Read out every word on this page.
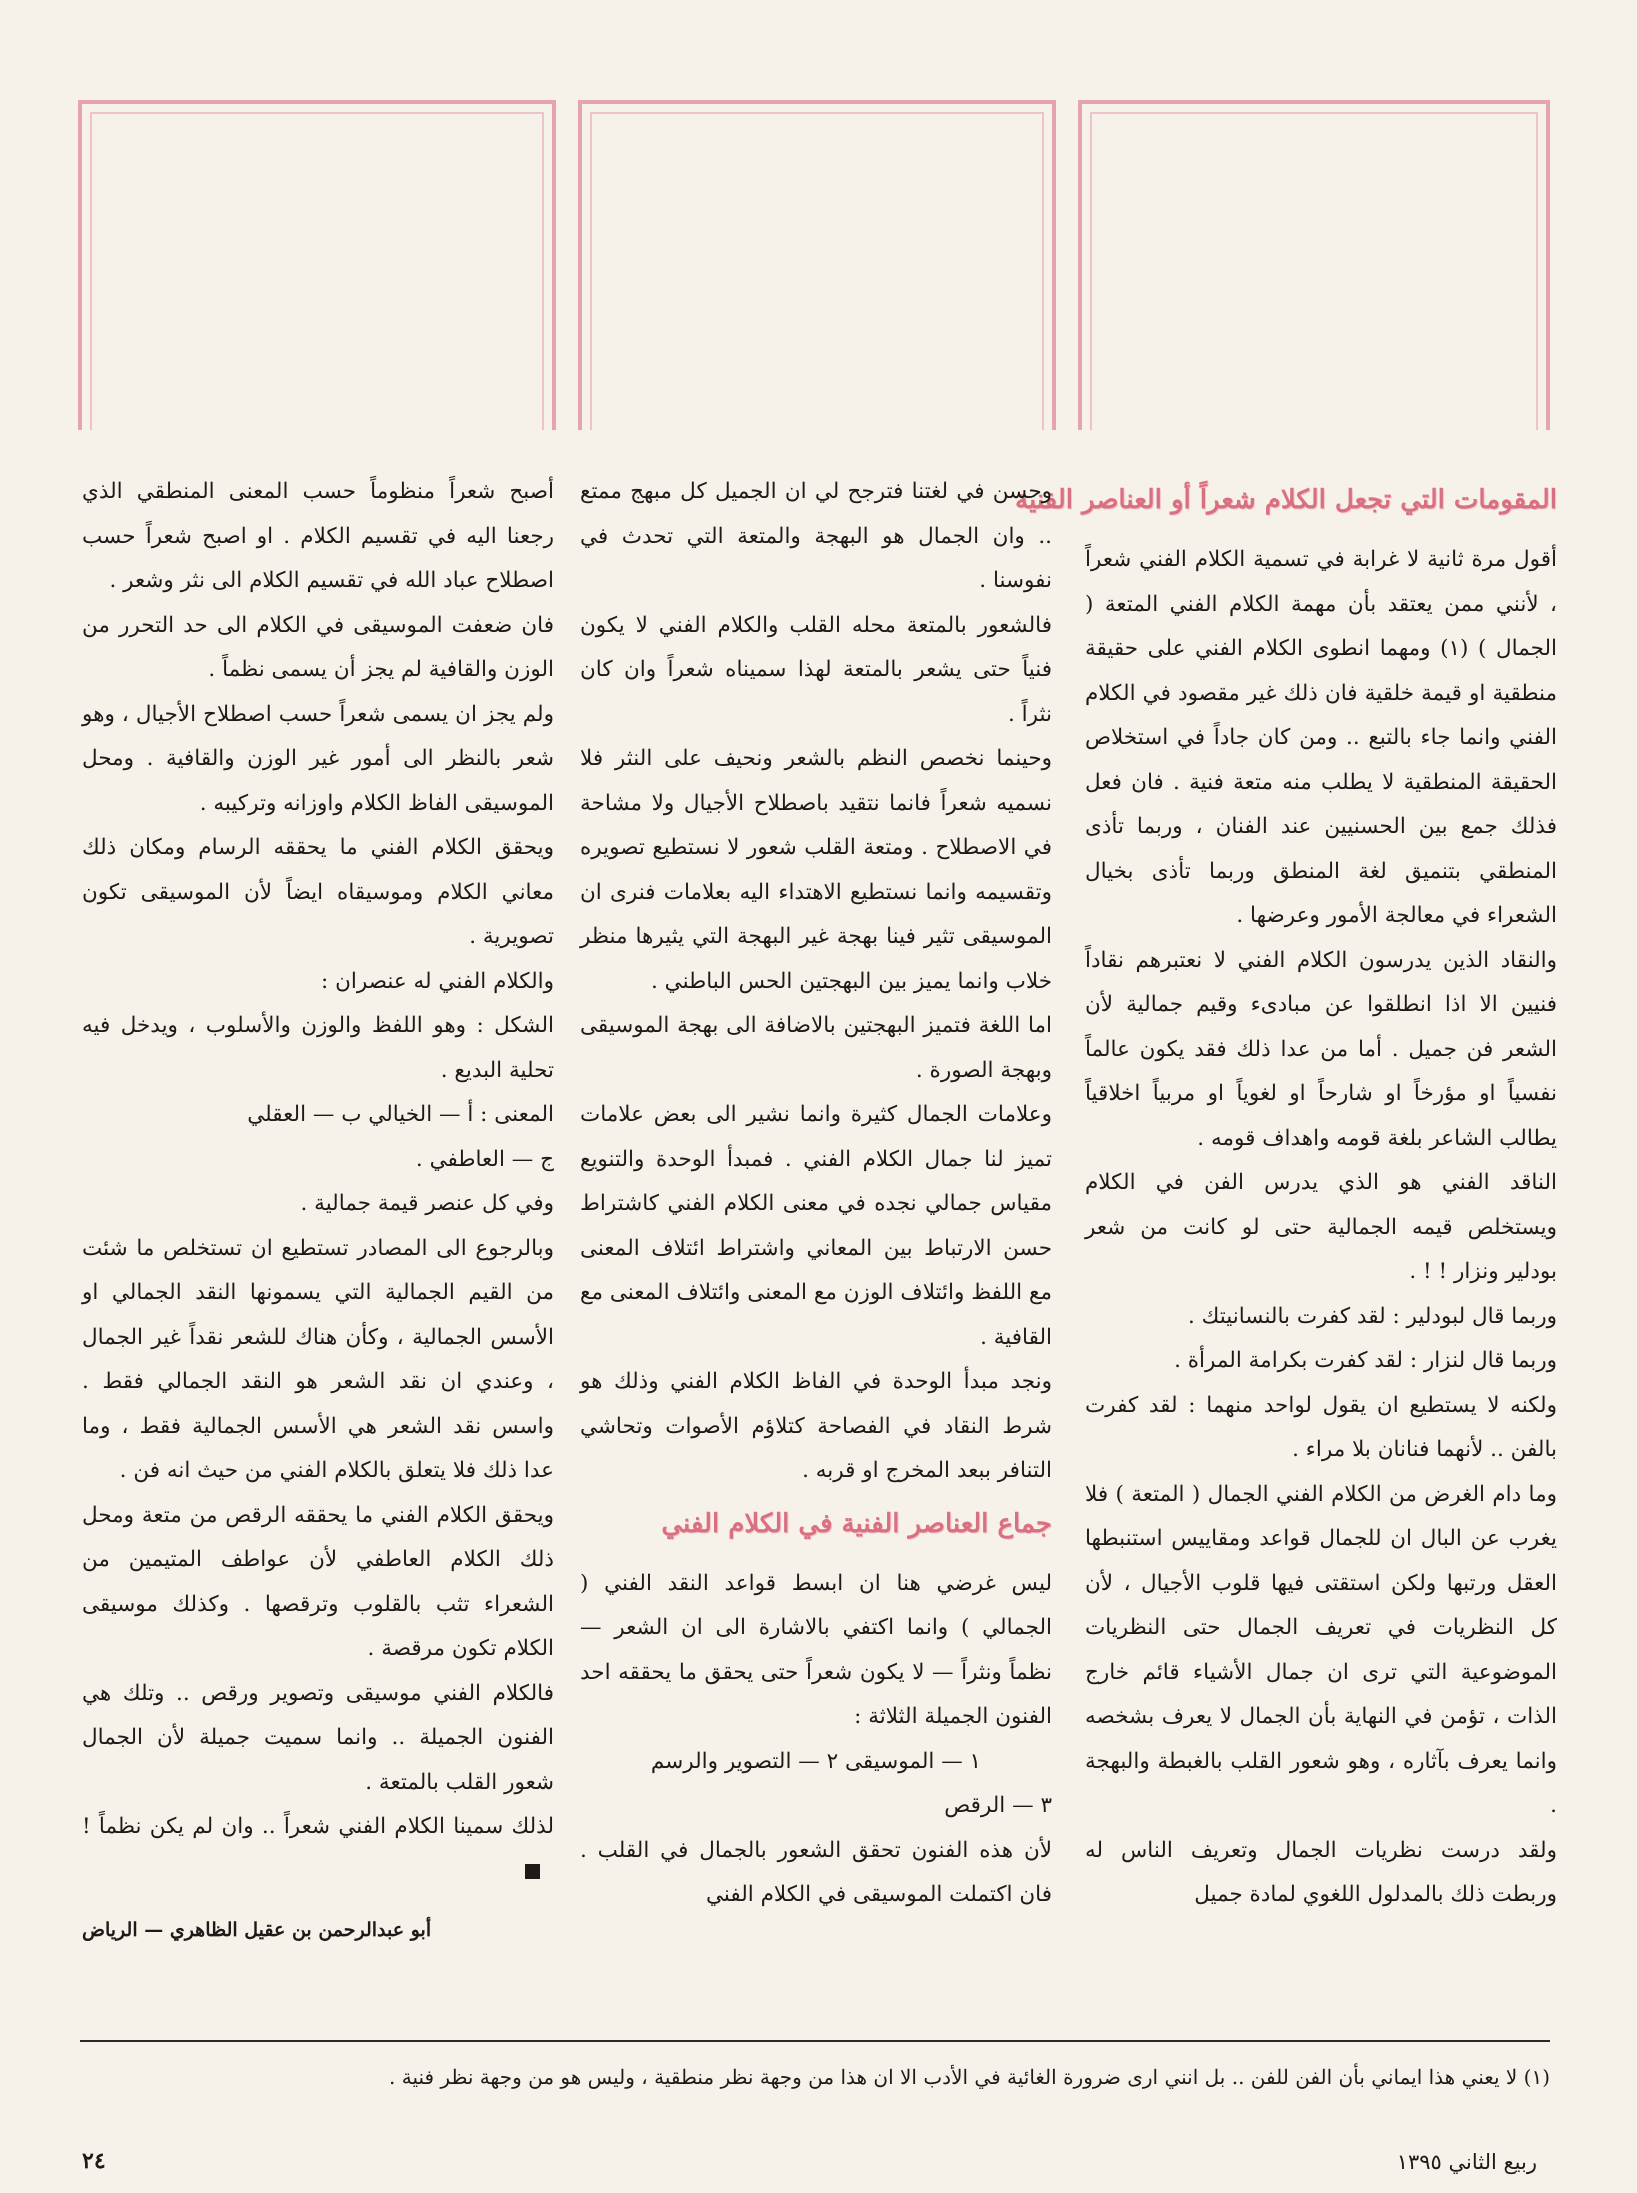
المقومات التي تجعل الكلام شعراً أو العناصر الفنية

أقول مرة ثانية لا غرابة في تسمية الكلام الفني شعراً ، لأنني ممن يعتقد بأن مهمة الكلام الفني المتعة ( الجمال ) (١) ومهما انطوى الكلام الفني على حقيقة منطقية او قيمة خلقية فان ذلك غير مقصود في الكلام الفني وانما جاء بالتبع .. ومن كان جاداً في استخلاص الحقيقة المنطقية لا يطلب منه متعة فنية . فان فعل فذلك جمع بين الحسنيين عند الفنان ، وربما تأذى المنطقي بتنميق لغة المنطق وربما تأذى بخيال الشعراء في معالجة الأمور وعرضها .

والنقاد الذين يدرسون الكلام الفني لا نعتبرهم نقاداً فنيين الا اذا انطلقوا عن مبادىء وقيم جمالية لأن الشعر فن جميل . أما من عدا ذلك فقد يكون عالماً نفسياً او مؤرخاً او شارحاً او لغوياً او مربياً اخلاقياً يطالب الشاعر بلغة قومه واهداف قومه .

الناقد الفني هو الذي يدرس الفن في الكلام ويستخلص قيمه الجمالية حتى لو كانت من شعر بودلير ونزار ! ! .

وربما قال لبودلير : لقد كفرت بالنسانيتك .

وربما قال لنزار : لقد كفرت بكرامة المرأة .

ولكنه لا يستطيع ان يقول لواحد منهما : لقد كفرت بالفن .. لأنهما فنانان بلا مراء .

وما دام الغرض من الكلام الفني الجمال ( المتعة ) فلا يغرب عن البال ان للجمال قواعد ومقاييس استنبطها العقل ورتبها ولكن استقتى فيها قلوب الأجيال ، لأن كل النظريات في تعريف الجمال حتى النظريات الموضوعية التي ترى ان جمال الأشياء قائم خارج الذات ، تؤمن في النهاية بأن الجمال لا يعرف بشخصه وانما يعرف بآثاره ، وهو شعور القلب بالغبطة والبهجة .

ولقد درست نظريات الجمال وتعريف الناس له وربطت ذلك بالمدلول اللغوي لمادة جميل

وحسن في لغتنا فترجح لي ان الجميل كل مبهج ممتع .. وان الجمال هو البهجة والمتعة التي تحدث في نفوسنا .

فالشعور بالمتعة محله القلب والكلام الفني لا يكون فنياً حتى يشعر بالمتعة لهذا سميناه شعراً وان كان نثراً .

وحينما نخصص النظم بالشعر ونحيف على النثر فلا نسميه شعراً فانما نتقيد باصطلاح الأجيال ولا مشاحة في الاصطلاح . ومتعة القلب شعور لا نستطيع تصويره وتقسيمه وانما نستطيع الاهتداء اليه بعلامات فنرى ان الموسيقى تثير فينا بهجة غير البهجة التي يثيرها منظر خلاب وانما يميز بين البهجتين الحس الباطني .

اما اللغة فتميز البهجتين بالاضافة الى بهجة الموسيقى وبهجة الصورة .

وعلامات الجمال كثيرة وانما نشير الى بعض علامات تميز لنا جمال الكلام الفني . فمبدأ الوحدة والتنويع مقياس جمالي نجده في معنى الكلام الفني كاشتراط حسن الارتباط بين المعاني واشتراط ائتلاف المعنى مع اللفظ وائتلاف الوزن مع المعنى وائتلاف المعنى مع القافية .

ونجد مبدأ الوحدة في الفاظ الكلام الفني وذلك هو شرط النقاد في الفصاحة كتلاؤم الأصوات وتحاشي التنافر ببعد المخرج او قربه .

جماع العناصر الفنية في الكلام الفني

ليس غرضي هنا ان ابسط قواعد النقد الفني ( الجمالي ) وانما اكتفي بالاشارة الى ان الشعر — نظماً ونثراً — لا يكون شعراً حتى يحقق ما يحققه احد الفنون الجميلة الثلاثة :

١ — الموسيقى ٢ — التصوير والرسم

٣ — الرقص

لأن هذه الفنون تحقق الشعور بالجمال في القلب . فان اكتملت الموسيقى في الكلام الفني

أصبح شعراً منظوماً حسب المعنى المنطقي الذي رجعنا اليه في تقسيم الكلام . او اصبح شعراً حسب اصطلاح عباد الله في تقسيم الكلام الى نثر وشعر .

فان ضعفت الموسيقى في الكلام الى حد التحرر من الوزن والقافية لم يجز أن يسمى نظماً .

ولم يجز ان يسمى شعراً حسب اصطلاح الأجيال ، وهو شعر بالنظر الى أمور غير الوزن والقافية . ومحل الموسيقى الفاظ الكلام واوزانه وتركيبه .

ويحقق الكلام الفني ما يحققه الرسام ومكان ذلك معاني الكلام وموسيقاه ايضاً لأن الموسيقى تكون تصويرية .

والكلام الفني له عنصران :

الشكل : وهو اللفظ والوزن والأسلوب ، ويدخل فيه تحلية البديع .

المعنى : أ — الخيالي ب — العقلي

ج — العاطفي .

وفي كل عنصر قيمة جمالية .

وبالرجوع الى المصادر تستطيع ان تستخلص ما شئت من القيم الجمالية التي يسمونها النقد الجمالي او الأسس الجمالية ، وكأن هناك للشعر نقداً غير الجمال ، وعندي ان نقد الشعر هو النقد الجمالي فقط . واسس نقد الشعر هي الأسس الجمالية فقط ، وما عدا ذلك فلا يتعلق بالكلام الفني من حيث انه فن .

ويحقق الكلام الفني ما يحققه الرقص من متعة ومحل ذلك الكلام العاطفي لأن عواطف المتيمين من الشعراء تثب بالقلوب وترقصها . وكذلك موسيقى الكلام تكون مرقصة .

فالكلام الفني موسيقى وتصوير ورقص .. وتلك هي الفنون الجميلة .. وانما سميت جميلة لأن الجمال شعور القلب بالمتعة .

لذلك سمينا الكلام الفني شعراً .. وان لم يكن نظماً !

أبو عبدالرحمن بن عقيل الظاهري — الرياض

(١) لا يعني هذا ايماني بأن الفن للفن .. بل انني ارى ضرورة الغائية في الأدب الا ان هذا من وجهة نظر منطقية ، وليس هو من وجهة نظر فنية .
٢٤	ربيع الثاني ١٣٩٥
